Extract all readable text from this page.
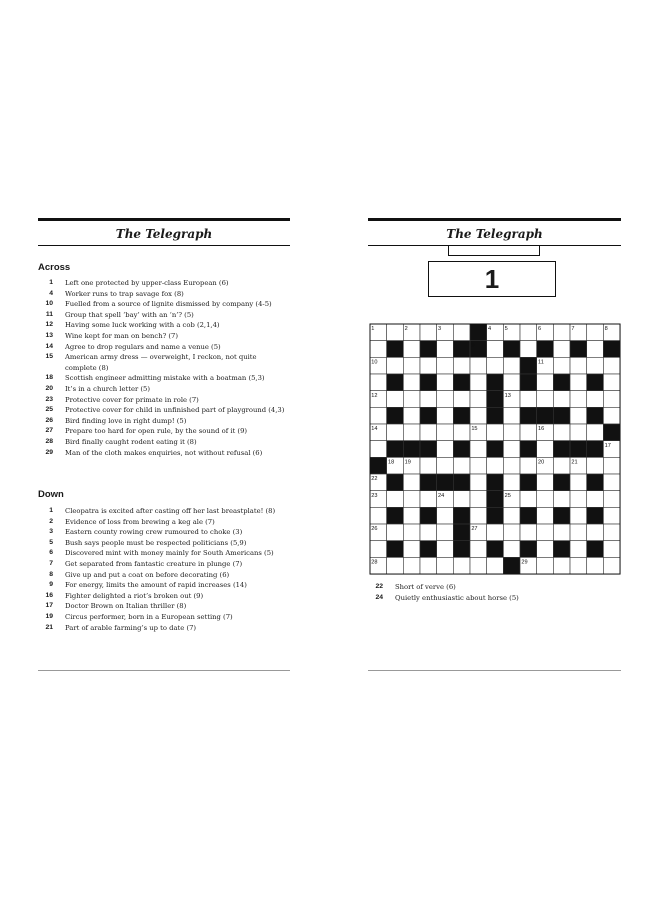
The Telegraph
Across
1	Left one protected by upper-class European (6)
4	Worker runs to trap savage fox (8)
10	Fuelled from a source of lignite dismissed by company (4-5)
11	Group that spell ‘bay’ with an ‘n’? (5)
12	Having some luck working with a cob (2,1,4)
13	Wine kept for man on bench? (7)
14	Agree to drop regulars and name a venue (5)
15	American army dress — overweight, I reckon, not quite complete (8)
18	Scottish engineer admitting mistake with a boatman (5,3)
20	It’s in a church letter (5)
23	Protective cover for primate in role (7)
25	Protective cover for child in unfinished part of playground (4,3)
26	Bird finding love in right dump! (5)
27	Prepare too hard for open rule, by the sound of it (9)
28	Bird finally caught rodent eating it (8)
29	Man of the cloth makes enquiries, not without refusal (6)
Down
1	Cleopatra is excited after casting off her last breastplate! (8)
2	Evidence of loss from brewing a keg ale (7)
3	Eastern county rowing crew rumoured to choke (3)
5	Bush says people must be respected politicians (5,9)
6	Discovered mint with money mainly for South Americans (5)
7	Get separated from fantastic creature in plunge (7)
8	Give up and put a coat on before decorating (6)
9	For energy, limits the amount of rapid increases (14)
16	Fighter delighted a riot’s broken out (9)
17	Doctor Brown on Italian thriller (8)
19	Circus performer, born in a European setting (7)
21	Part of arable farming’s up to date (7)
The Telegraph
1
1	2	3	4 5	6	7	8
9
10	11
12	13
14	15	16
17
18 19	20	21
22
23	24	25
26	27
28	29
22	Short of verve (6)
24	Quietly enthusiastic about horse (5)
